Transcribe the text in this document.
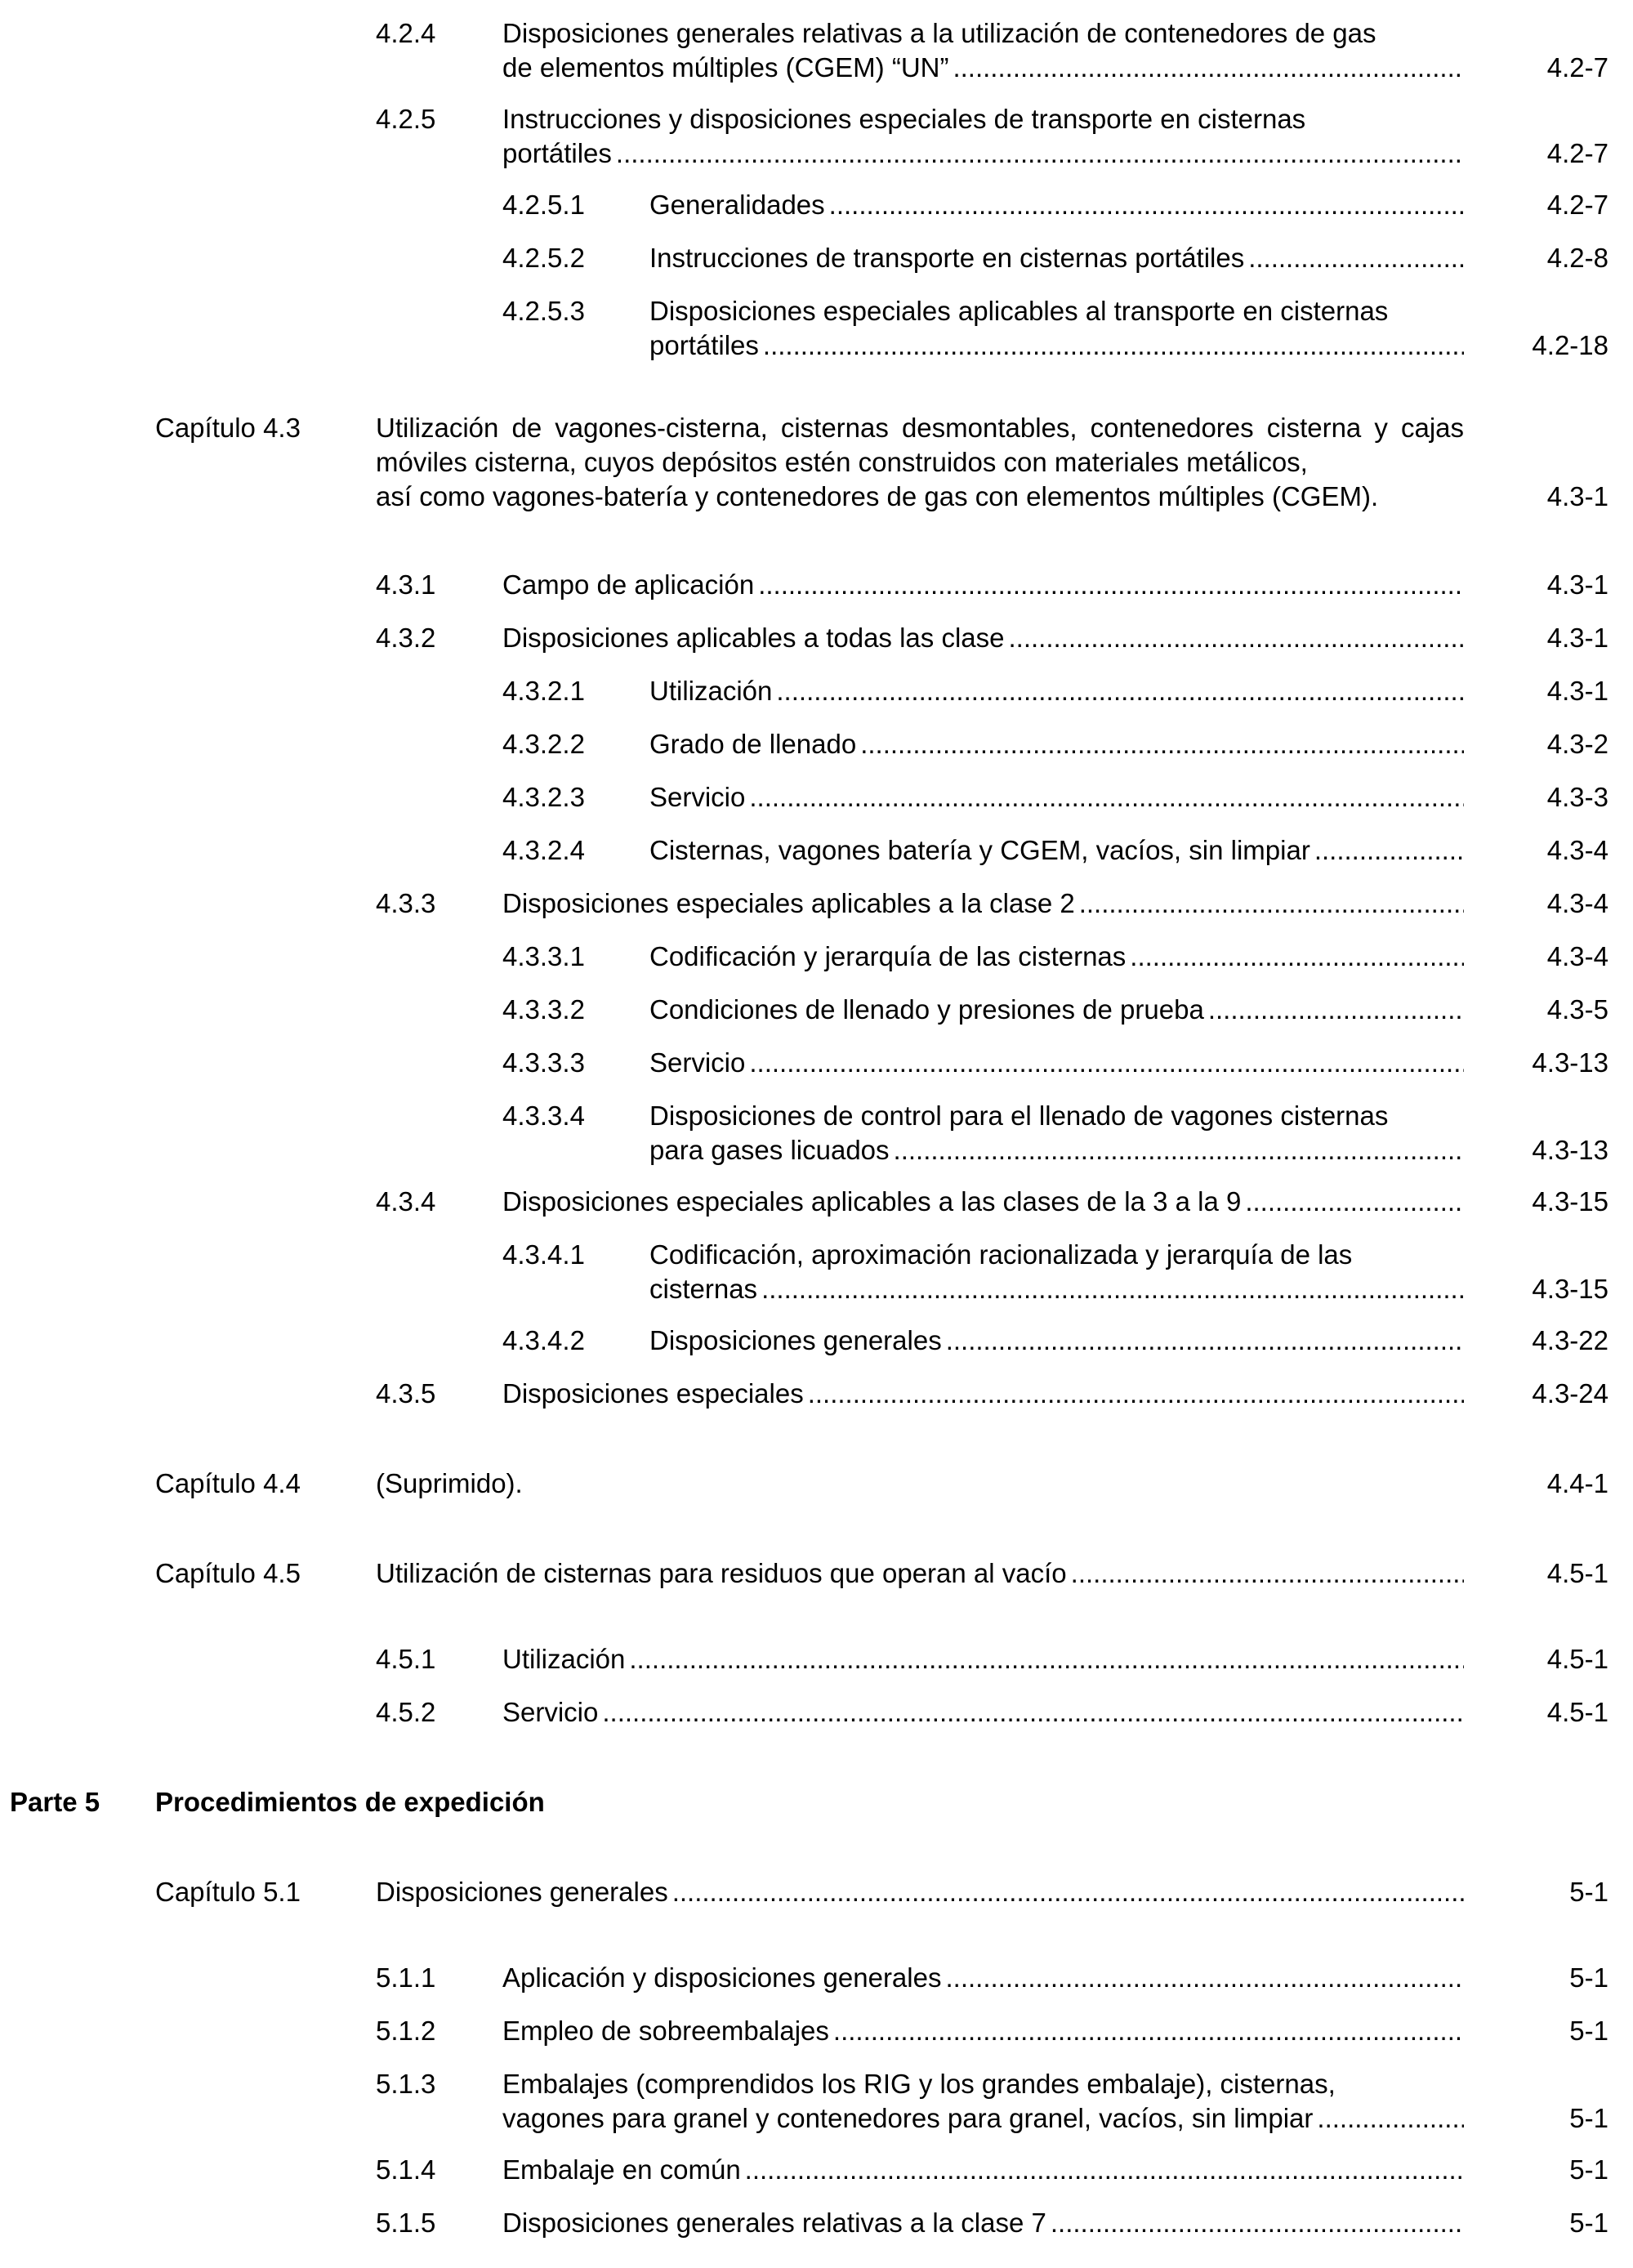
4.2.4 Disposiciones generales relativas a la utilización de contenedores de gas
de elementos múltiples (CGEM) “UN” .....	4.2-7
4.2.5 Instrucciones y disposiciones especiales de transporte en cisternas
portátiles .....	4.2-7
4.2.5.1 Generalidades .....	4.2-7
4.2.5.2 Instrucciones de transporte en cisternas portátiles .....	4.2-8
4.2.5.3 Disposiciones especiales aplicables al transporte en cisternas
portátiles .....	4.2-18
Capítulo 4.3	Utilización de vagones-cisterna, cisternas desmontables, contenedores cisterna y cajas móviles cisterna, cuyos depósitos estén construidos con materiales metálicos,
así como vagones-batería y contenedores de gas con elementos múltiples (CGEM).	4.3-1
4.3.1 Campo de aplicación .....	4.3-1
4.3.2 Disposiciones aplicables a todas las clase .....	4.3-1
4.3.2.1 Utilización .....	4.3-1
4.3.2.2 Grado de llenado .....	4.3-2
4.3.2.3 Servicio .....	4.3-3
4.3.2.4 Cisternas, vagones batería y CGEM, vacíos, sin limpiar .....	4.3-4
4.3.3 Disposiciones especiales aplicables a la clase 2 .....	4.3-4
4.3.3.1 Codificación y jerarquía de las cisternas .....	4.3-4
4.3.3.2 Condiciones de llenado y presiones de prueba .....	4.3-5
4.3.3.3 Servicio .....	4.3-13
4.3.3.4 Disposiciones de control para el llenado de vagones cisternas
para gases licuados .....	4.3-13
4.3.4 Disposiciones especiales aplicables a las clases de la 3 a la 9 .....	4.3-15
4.3.4.1 Codificación, aproximación racionalizada y jerarquía de las
cisternas .....	4.3-15
4.3.4.2 Disposiciones generales .....	4.3-22
4.3.5 Disposiciones especiales .....	4.3-24
Capítulo 4.4	(Suprimido).	4.4-1
Capítulo 4.5	Utilización de cisternas para residuos que operan al vacío .....	4.5-1
4.5.1 Utilización .....	4.5-1
4.5.2 Servicio .....	4.5-1
Parte 5 Procedimientos de expedición
Capítulo 5.1	Disposiciones generales .....	5-1
5.1.1 Aplicación y disposiciones generales .....	5-1
5.1.2 Empleo de sobreembalajes .....	5-1
5.1.3 Embalajes (comprendidos los RIG y los grandes embalaje), cisternas,
vagones para granel y contenedores para granel, vacíos, sin limpiar .....	5-1
5.1.4 Embalaje en común .....	5-1
5.1.5 Disposiciones generales relativas a la clase 7 .....	5-1
